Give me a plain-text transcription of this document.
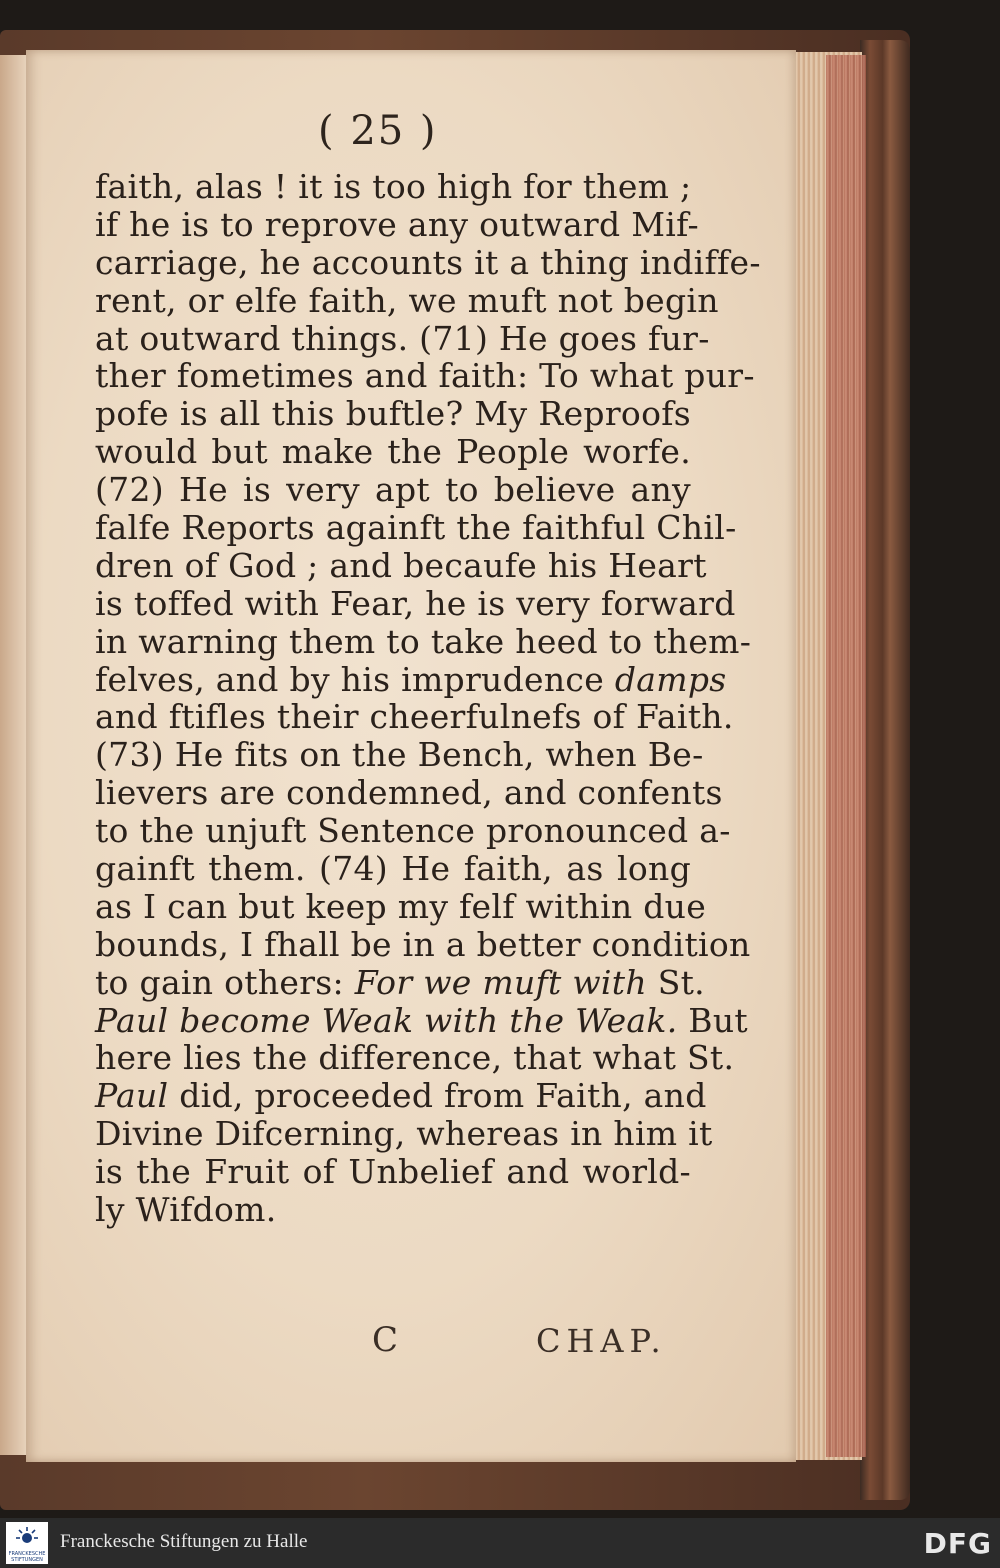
( 25 )
faith, alas ! it is too high for them ;
if he is to reprove any outward Mif-
carriage, he accounts it a thing indiffe-
rent, or elfe faith, we muft not begin
at outward things. (71) He goes fur-
ther fometimes and faith: To what pur-
pofe is all this buftle? My Reproofs
would but make the People worfe.
(72) He is very apt to believe any
falfe Reports againft the faithful Chil-
dren of God ; and becaufe his Heart
is toffed with Fear, he is very forward
in warning them to take heed to them-
felves, and by his imprudence damps
and ftifles their cheerfulnefs of Faith.
(73) He fits on the Bench, when Be-
lievers are condemned, and confents
to the unjuft Sentence pronounced a-
gainft them. (74) He faith, as long
as I can but keep my felf within due
bounds, I fhall be in a better condition
to gain others: For we muft with St.
Paul become Weak with the Weak. But
here lies the difference, that what St.
Paul did, proceeded from Faith, and
Divine Difcerning, whereas in him it
is the Fruit of Unbelief and world-
ly Wifdom.
C	CHAP.
FRANCKESCHE STIFTUNGEN
Franckesche Stiftungen zu Halle	DFG
